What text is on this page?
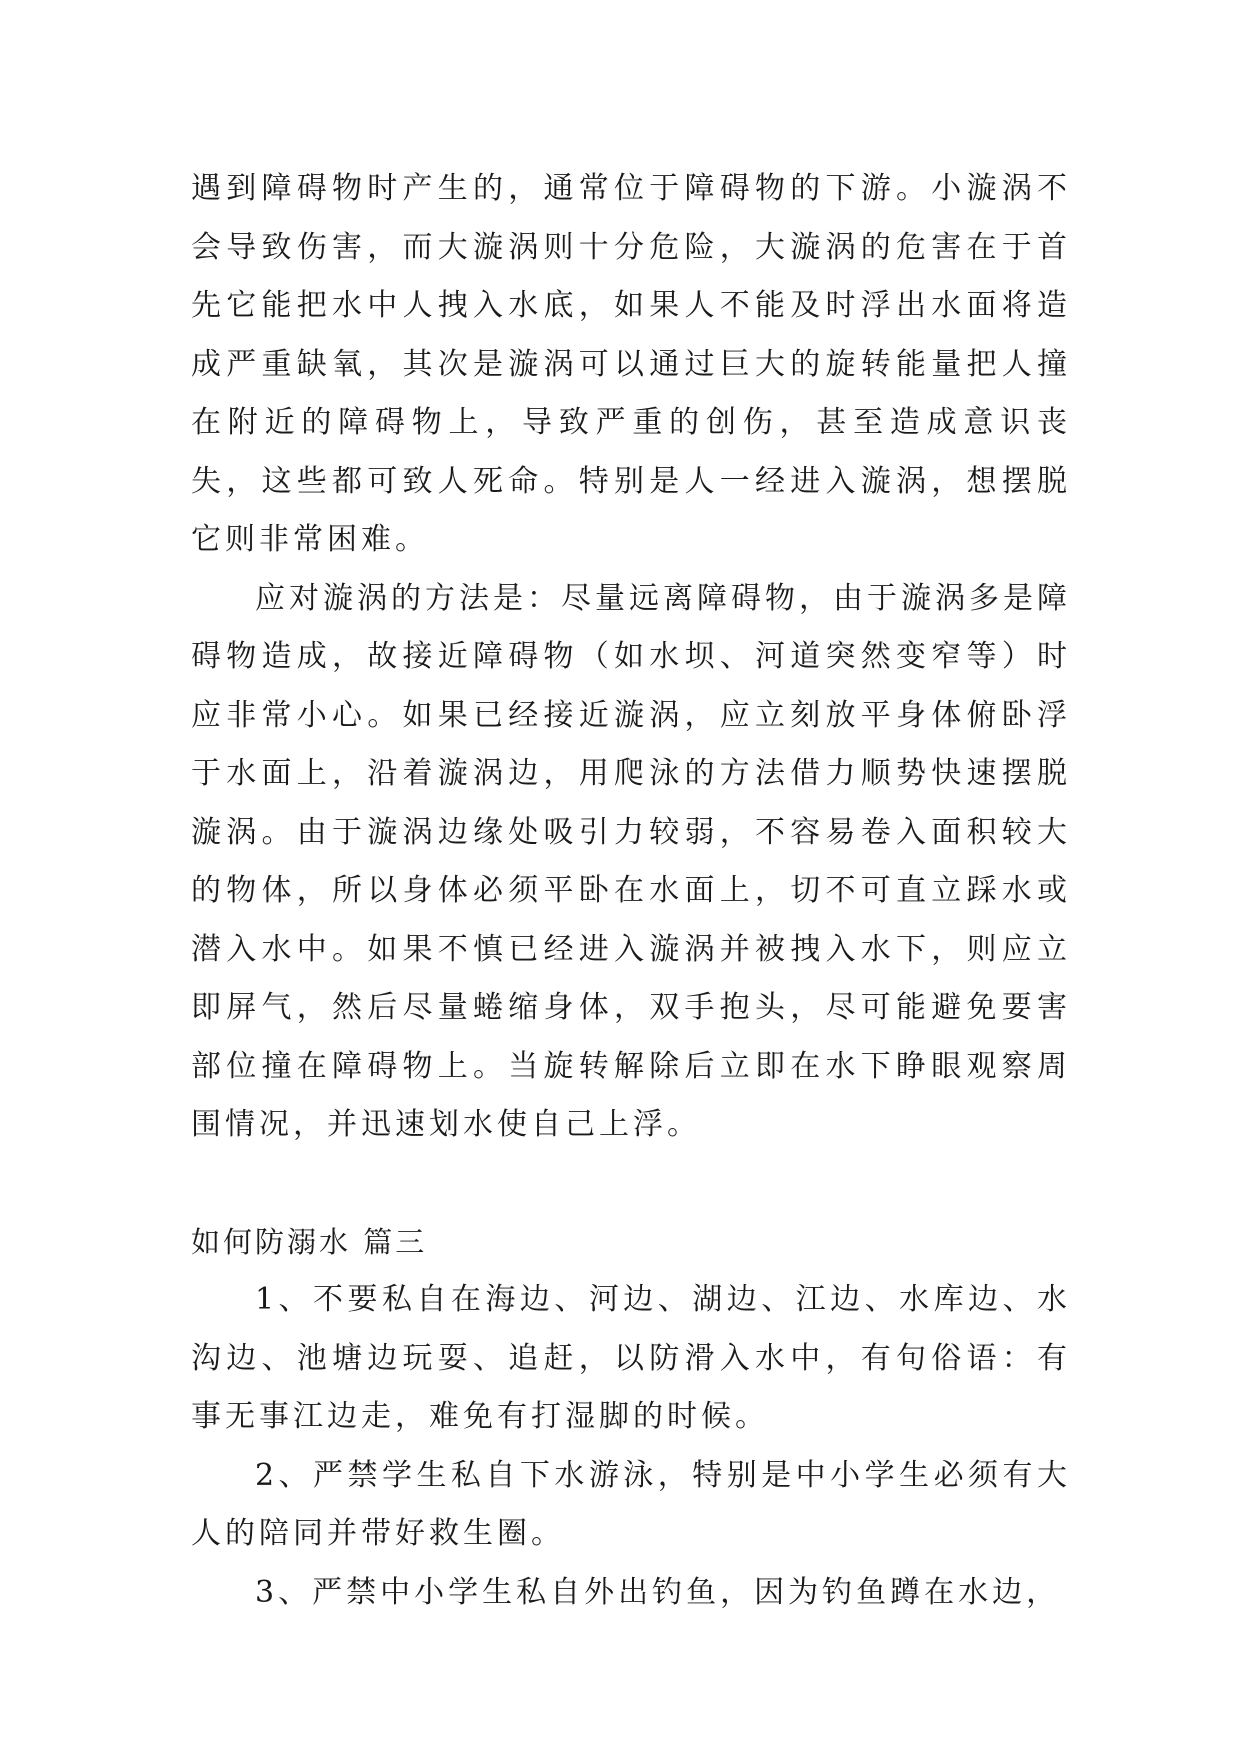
遇到障碍物时产生的，通常位于障碍物的下游。小漩涡不会导致伤害，而大漩涡则十分危险，大漩涡的危害在于首先它能把水中人拽入水底，如果人不能及时浮出水面将造成严重缺氧，其次是漩涡可以通过巨大的旋转能量把人撞在附近的障碍物上，导致严重的创伤，甚至造成意识丧失，这些都可致人死命。特别是人一经进入漩涡，想摆脱它则非常困难。

应对漩涡的方法是：尽量远离障碍物，由于漩涡多是障碍物造成，故接近障碍物（如水坝、河道突然变窄等）时应非常小心。如果已经接近漩涡，应立刻放平身体俯卧浮于水面上，沿着漩涡边，用爬泳的方法借力顺势快速摆脱漩涡。由于漩涡边缘处吸引力较弱，不容易卷入面积较大的物体，所以身体必须平卧在水面上，切不可直立踩水或潜入水中。如果不慎已经进入漩涡并被拽入水下，则应立即屏气，然后尽量蜷缩身体，双手抱头，尽可能避免要害部位撞在障碍物上。当旋转解除后立即在水下睁眼观察周围情况，并迅速划水使自己上浮。

如何防溺水 篇三

1、不要私自在海边、河边、湖边、江边、水库边、水沟边、池塘边玩耍、追赶，以防滑入水中，有句俗语：有事无事江边走，难免有打湿脚的时候。

2、严禁学生私自下水游泳，特别是中小学生必须有大人的陪同并带好救生圈。

3、严禁中小学生私自外出钓鱼，因为钓鱼蹲在水边，
